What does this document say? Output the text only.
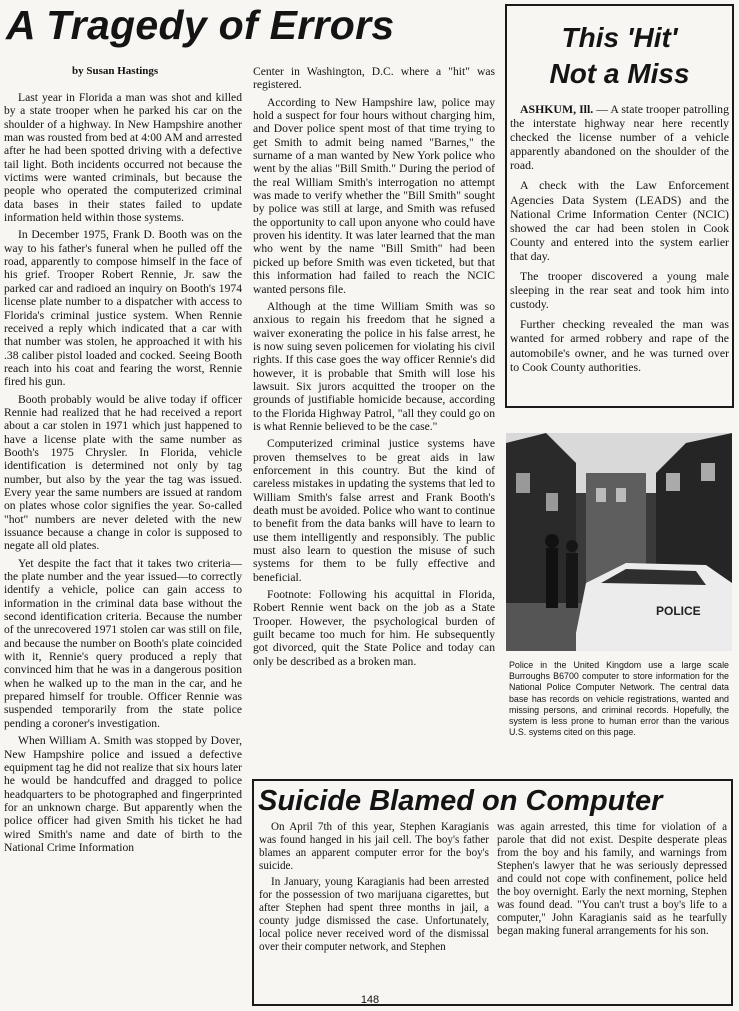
A Tragedy of Errors

by Susan Hastings

Last year in Florida a man was shot and killed by a state trooper when he parked his car on the shoulder of a highway. In New Hampshire another man was rousted from bed at 4:00 AM and arrested after he had been spotted driving with a defective tail light. Both incidents occurred not because the victims were wanted criminals, but because the people who operated the computerized criminal data bases in their states failed to update information held within those systems.

In December 1975, Frank D. Booth was on the way to his father's funeral when he pulled off the road, apparently to compose himself in the face of his grief. Trooper Robert Rennie, Jr. saw the parked car and radioed an inquiry on Booth's 1974 license plate number to a dispatcher with access to Florida's criminal justice system. When Rennie received a reply which indicated that a car with that number was stolen, he approached it with his .38 caliber pistol loaded and cocked. Seeing Booth reach into his coat and fearing the worst, Rennie fired his gun.

Booth probably would be alive today if officer Rennie had realized that he had received a report about a car stolen in 1971 which just happened to have a license plate with the same number as Booth's 1975 Chrysler. In Florida, vehicle identification is determined not only by tag number, but also by the year the tag was issued. Every year the same numbers are issued at random on plates whose color signifies the year. So-called "hot" numbers are never deleted with the new issuance because a change in color is supposed to negate all old plates.

Yet despite the fact that it takes two criteria—the plate number and the year issued—to correctly identify a vehicle, police can gain access to information in the criminal data base without the second identification criteria. Because the number of the unrecovered 1971 stolen car was still on file, and because the number on Booth's plate coincided with it, Rennie's query produced a reply that convinced him that he was in a dangerous position when he walked up to the man in the car, and he prepared himself for trouble. Officer Rennie was suspended temporarily from the state police pending a coroner's investigation.

When William A. Smith was stopped by Dover, New Hampshire police and issued a defective equipment tag he did not realize that six hours later he would be handcuffed and dragged to police headquarters to be photographed and fingerprinted for an unknown charge. But apparently when the police officer had given Smith his ticket he had wired Smith's name and date of birth to the National Crime Information

Center in Washington, D.C. where a "hit" was registered.

According to New Hampshire law, police may hold a suspect for four hours without charging him, and Dover police spent most of that time trying to get Smith to admit being named "Barnes," the surname of a man wanted by New York police who went by the alias "Bill Smith." During the period of the real William Smith's interrogation no attempt was made to verify whether the "Bill Smith" sought by police was still at large, and Smith was refused the opportunity to call upon anyone who could have proven his identity. It was later learned that the man who went by the name "Bill Smith" had been picked up before Smith was even ticketed, but that this information had failed to reach the NCIC wanted persons file.

Although at the time William Smith was so anxious to regain his freedom that he signed a waiver exonerating the police in his false arrest, he is now suing seven policemen for violating his civil rights. If this case goes the way officer Rennie's did however, it is probable that Smith will lose his lawsuit. Six jurors acquitted the trooper on the grounds of justifiable homicide because, according to the Florida Highway Patrol, "all they could go on is what Rennie believed to be the case."

Computerized criminal justice systems have proven themselves to be great aids in law enforcement in this country. But the kind of careless mistakes in updating the systems that led to William Smith's false arrest and Frank Booth's death must be avoided. Police who want to continue to benefit from the data banks will have to learn to use them intelligently and responsibly. The public must also learn to question the misuse of such systems for them to be fully effective and beneficial.

Footnote: Following his acquittal in Florida, Robert Rennie went back on the job as a State Trooper. However, the psychological burden of guilt became too much for him. He subsequently got divorced, quit the State Police and today can only be described as a broken man.

This 'Hit'
Not a Miss

ASHKUM, Ill. — A state trooper patrolling the interstate highway near here recently checked the license number of a vehicle apparently abandoned on the shoulder of the road.

A check with the Law Enforcement Agencies Data System (LEADS) and the National Crime Information Center (NCIC) showed the car had been stolen in Cook County and entered into the system earlier that day.

The trooper discovered a young male sleeping in the rear seat and took him into custody.

Further checking revealed the man was wanted for armed robbery and rape of the automobile's owner, and he was turned over to Cook County authorities.

POLICE

Police in the United Kingdom use a large scale Burroughs B6700 computer to store information for the National Police Computer Network. The central data base has records on vehicle registrations, wanted and missing persons, and criminal records. Hopefully, the system is less prone to human error than the various U.S. systems cited on this page.

Suicide Blamed on Computer

On April 7th of this year, Stephen Karagianis was found hanged in his jail cell. The boy's father blames an apparent computer error for the boy's suicide.

In January, young Karagianis had been arrested for the possession of two marijuana cigarettes, but after Stephen had spent three months in jail, a county judge dismissed the case. Unfortunately, local police never received word of the dismissal over their computer network, and Stephen

was again arrested, this time for violation of a parole that did not exist. Despite desperate pleas from the boy and his family, and warnings from Stephen's lawyer that he was seriously depressed and could not cope with confinement, police held the boy overnight. Early the next morning, Stephen was found dead. "You can't trust a boy's life to a computer," John Karagianis said as he tearfully began making funeral arrangements for his son.

148
